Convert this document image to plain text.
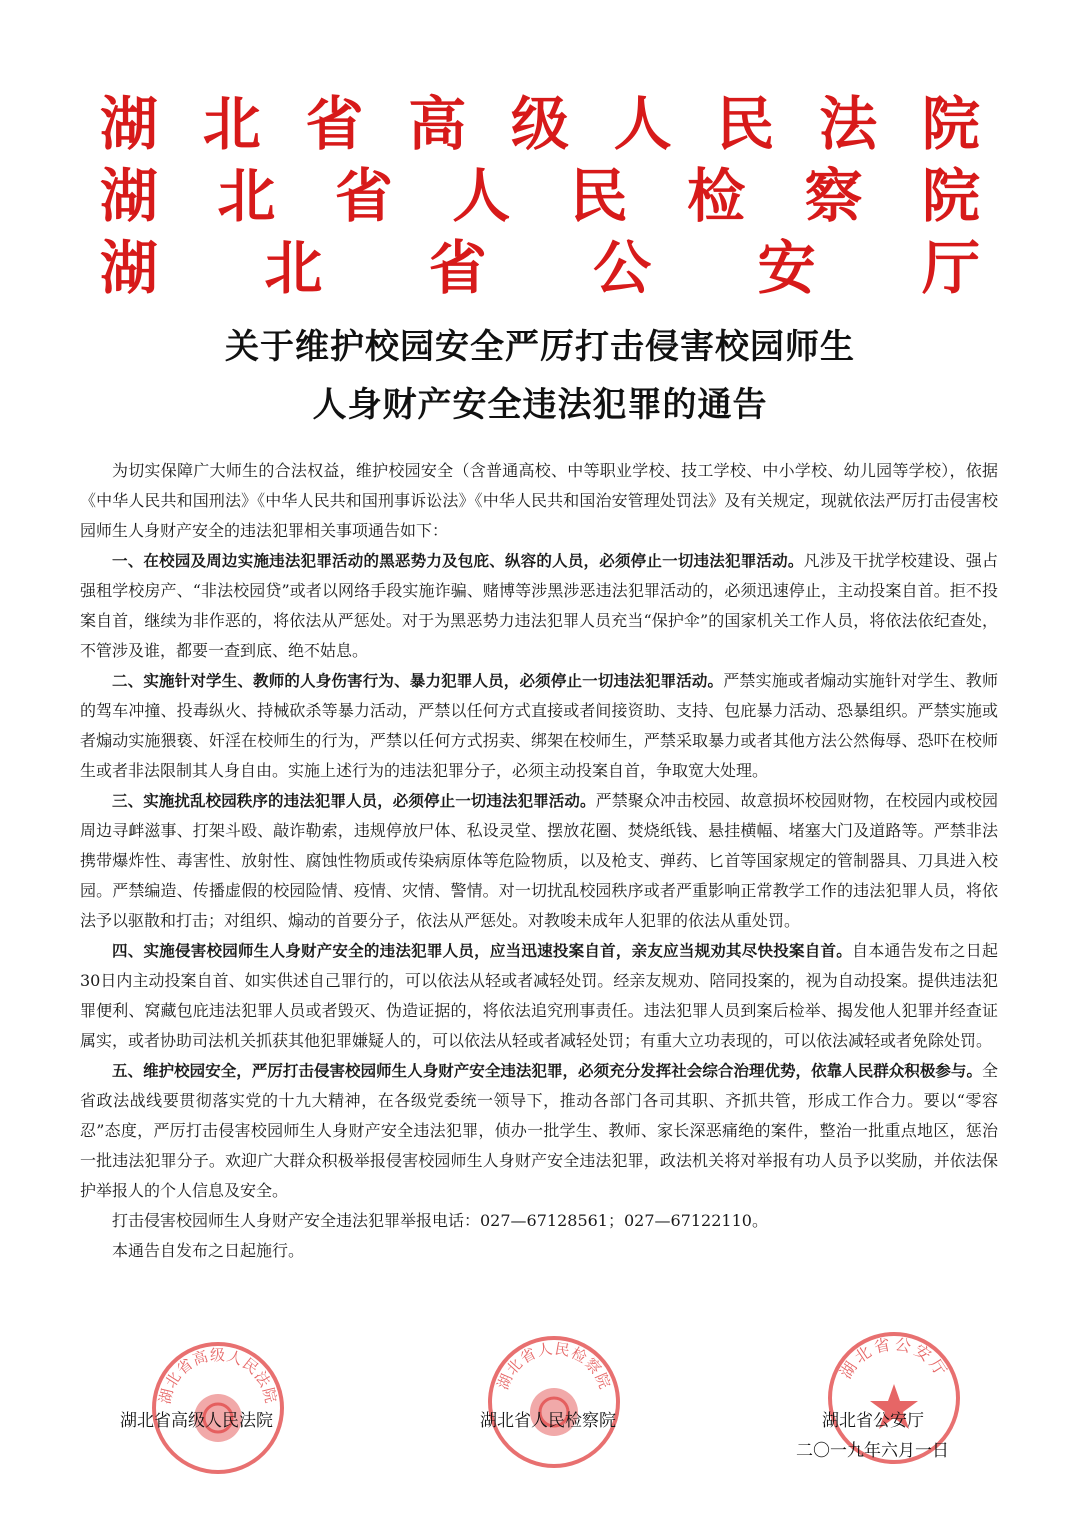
湖 北 省 高 级 人 民 法 院
湖 北 省 人 民 检 察 院
湖 北 省 公 安 厅
关于维护校园安全严厉打击侵害校园师生
人身财产安全违法犯罪的通告

为切实保障广大师生的合法权益，维护校园安全（含普通高校、中等职业学校、技工学校、中小学校、幼儿园等学校），依据《中华人民共和国刑法》《中华人民共和国刑事诉讼法》《中华人民共和国治安管理处罚法》及有关规定，现就依法严厉打击侵害校园师生人身财产安全的违法犯罪相关事项通告如下：

一、在校园及周边实施违法犯罪活动的黑恶势力及包庇、纵容的人员，必须停止一切违法犯罪活动。凡涉及干扰学校建设、强占强租学校房产、“非法校园贷”或者以网络手段实施诈骗、赌博等涉黑涉恶违法犯罪活动的，必须迅速停止，主动投案自首。拒不投案自首，继续为非作恶的，将依法从严惩处。对于为黑恶势力违法犯罪人员充当“保护伞”的国家机关工作人员，将依法依纪查处，不管涉及谁，都要一查到底、绝不姑息。

二、实施针对学生、教师的人身伤害行为、暴力犯罪人员，必须停止一切违法犯罪活动。严禁实施或者煽动实施针对学生、教师的驾车冲撞、投毒纵火、持械砍杀等暴力活动，严禁以任何方式直接或者间接资助、支持、包庇暴力活动、恐暴组织。严禁实施或者煽动实施猥亵、奸淫在校师生的行为，严禁以任何方式拐卖、绑架在校师生，严禁采取暴力或者其他方法公然侮辱、恐吓在校师生或者非法限制其人身自由。实施上述行为的违法犯罪分子，必须主动投案自首，争取宽大处理。

三、实施扰乱校园秩序的违法犯罪人员，必须停止一切违法犯罪活动。严禁聚众冲击校园、故意损坏校园财物，在校园内或校园周边寻衅滋事、打架斗殴、敲诈勒索，违规停放尸体、私设灵堂、摆放花圈、焚烧纸钱、悬挂横幅、堵塞大门及道路等。严禁非法携带爆炸性、毒害性、放射性、腐蚀性物质或传染病原体等危险物质，以及枪支、弹药、匕首等国家规定的管制器具、刀具进入校园。严禁编造、传播虚假的校园险情、疫情、灾情、警情。对一切扰乱校园秩序或者严重影响正常教学工作的违法犯罪人员，将依法予以驱散和打击；对组织、煽动的首要分子，依法从严惩处。对教唆未成年人犯罪的依法从重处罚。

四、实施侵害校园师生人身财产安全的违法犯罪人员，应当迅速投案自首，亲友应当规劝其尽快投案自首。自本通告发布之日起30日内主动投案自首、如实供述自己罪行的，可以依法从轻或者减轻处罚。经亲友规劝、陪同投案的，视为自动投案。提供违法犯罪便利、窝藏包庇违法犯罪人员或者毁灭、伪造证据的，将依法追究刑事责任。违法犯罪人员到案后检举、揭发他人犯罪并经查证属实，或者协助司法机关抓获其他犯罪嫌疑人的，可以依法从轻或者减轻处罚；有重大立功表现的，可以依法减轻或者免除处罚。

五、维护校园安全，严厉打击侵害校园师生人身财产安全违法犯罪，必须充分发挥社会综合治理优势，依靠人民群众积极参与。全省政法战线要贯彻落实党的十九大精神，在各级党委统一领导下，推动各部门各司其职、齐抓共管，形成工作合力。要以“零容忍”态度，严厉打击侵害校园师生人身财产安全违法犯罪，侦办一批学生、教师、家长深恶痛绝的案件，整治一批重点地区，惩治一批违法犯罪分子。欢迎广大群众积极举报侵害校园师生人身财产安全违法犯罪，政法机关将对举报有功人员予以奖励，并依法保护举报人的个人信息及安全。

打击侵害校园师生人身财产安全违法犯罪举报电话：027—67128561；027—67122110。

本通告自发布之日起施行。

湖北省高级人民法院
湖北省人民检察院	湖北省公安厅
湖北省高级人民法院	湖北省人民检察院	湖北省公安厅
二〇一九年六月一日
